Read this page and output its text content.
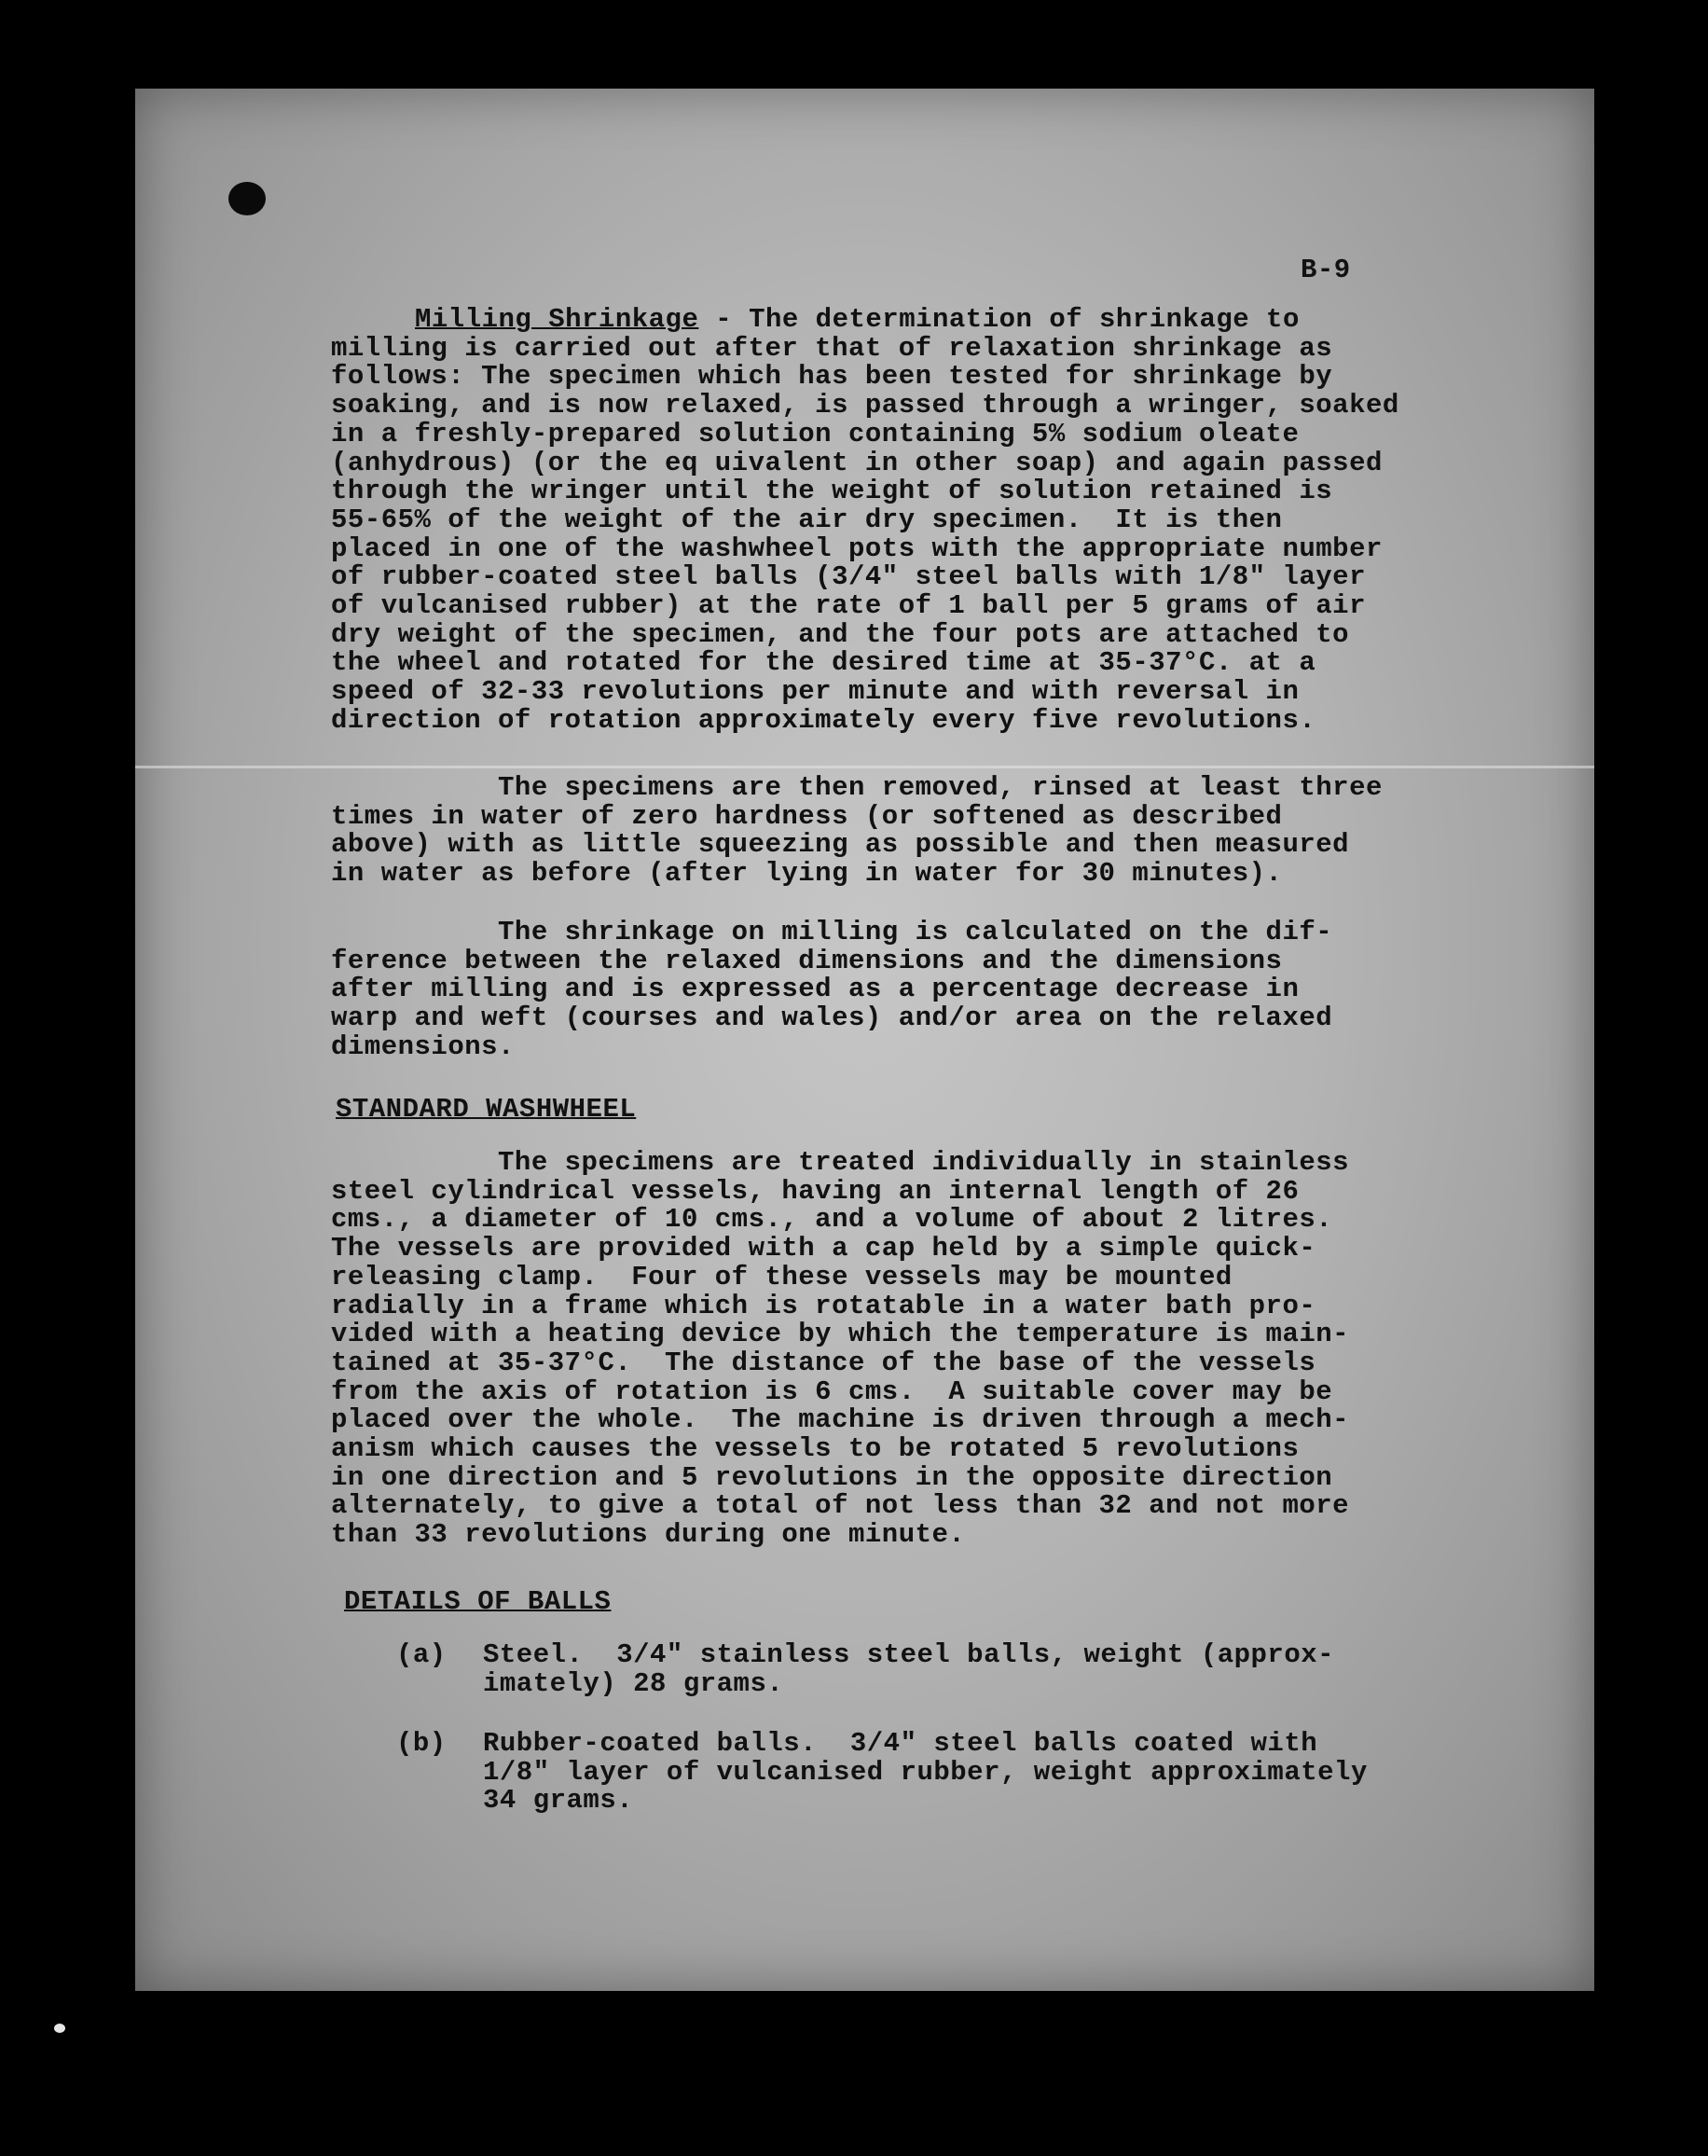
B-9
Milling Shrinkage - The determination of shrinkage to
milling is carried out after that of relaxation shrinkage as
follows: The specimen which has been tested for shrinkage by
soaking, and is now relaxed, is passed through a wringer, soaked
in a freshly-prepared solution containing 5% sodium oleate
(anhydrous) (or the eq uivalent in other soap) and again passed
through the wringer until the weight of solution retained is
55-65% of the weight of the air dry specimen.  It is then
placed in one of the washwheel pots with the appropriate number
of rubber-coated steel balls (3/4" steel balls with 1/8" layer
of vulcanised rubber) at the rate of 1 ball per 5 grams of air
dry weight of the specimen, and the four pots are attached to
the wheel and rotated for the desired time at 35-37°C. at a
speed of 32-33 revolutions per minute and with reversal in
direction of rotation approximately every five revolutions.
The specimens are then removed, rinsed at least three
times in water of zero hardness (or softened as described
above) with as little squeezing as possible and then measured
in water as before (after lying in water for 30 minutes).
The shrinkage on milling is calculated on the dif-
ference between the relaxed dimensions and the dimensions
after milling and is expressed as a percentage decrease in
warp and weft (courses and wales) and/or area on the relaxed
dimensions.
STANDARD WASHWHEEL
The specimens are treated individually in stainless
steel cylindrical vessels, having an internal length of 26
cms., a diameter of 10 cms., and a volume of about 2 litres.
The vessels are provided with a cap held by a simple quick-
releasing clamp.  Four of these vessels may be mounted
radially in a frame which is rotatable in a water bath pro-
vided with a heating device by which the temperature is main-
tained at 35-37°C.  The distance of the base of the vessels
from the axis of rotation is 6 cms.  A suitable cover may be
placed over the whole.  The machine is driven through a mech-
anism which causes the vessels to be rotated 5 revolutions
in one direction and 5 revolutions in the opposite direction
alternately, to give a total of not less than 32 and not more
than 33 revolutions during one minute.
DETAILS OF BALLS
(a) Steel.  3/4" stainless steel balls, weight (approx-
imately) 28 grams.
(b) Rubber-coated balls.  3/4" steel balls coated with
1/8" layer of vulcanised rubber, weight approximately
34 grams.
